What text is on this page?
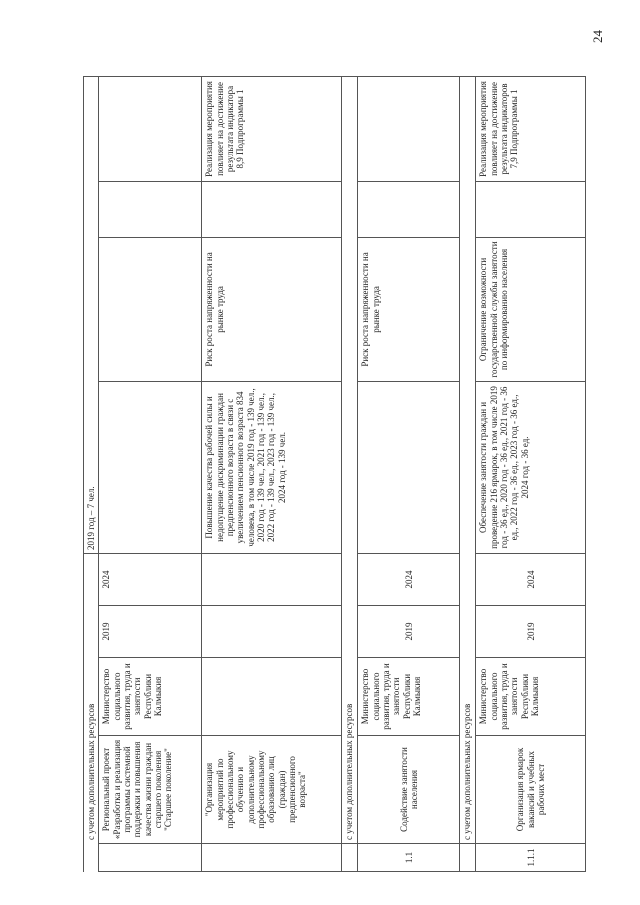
	с учетом дополнительных ресурсов				2019 год – 7 чел.			
	Региональный проект «Разработка и реализация программы системной поддержки и повышения качества жизни граждан старшего поколения "Старшее поколение"	Министерство социального развития, труда и занятости Республики Калмыкия	2019	2024				
	"Организация мероприятий по профессиональному обучению и дополнительному профессиональному образованию лиц (граждан) предпенсионного возраста"				Повышение качества рабочей силы и недопущение дискриминации граждан предпенсионного возраста в связи с увеличением пенсионного возраста 834 человека, в том числе 2019 год - 139 чел., 2020 год - 139 чел., 2021 год - 139 чел., 2022 год - 139 чел., 2023 год - 139 чел., 2024 год - 139 чел.	Риск роста напряженности на рынке труда		Реализация мероприятия повлияет на достижение результата индикатора 8,9 Подпрограммы 1
	с учетом дополнительных ресурсов							
1.1	Содействие занятости населения	Министерство социального развития, труда и занятости Республики Калмыкия	2019	2024		Риск роста напряженности на рынке труда		
	с учетом дополнительных ресурсов							
1.1.1	Организация ярмарок вакансий и учебных рабочих мест	Министерство социального развития, труда и занятости Республики Калмыкия	2019	2024	Обеспечение занятости граждан и проведение 216 ярмарок, в том числе 2019 год - 36 ед., 2020 год - 36 ед., 2021 год - 36 ед., 2022 год - 36 ед., 2023 год - 36 ед., 2024 год - 36 ед.	Ограничение возможности государственной службы занятости по информированию населения		Реализация мероприятия повлияет на достижение результата индикаторов 7,9 Подпрограммы 1
24
